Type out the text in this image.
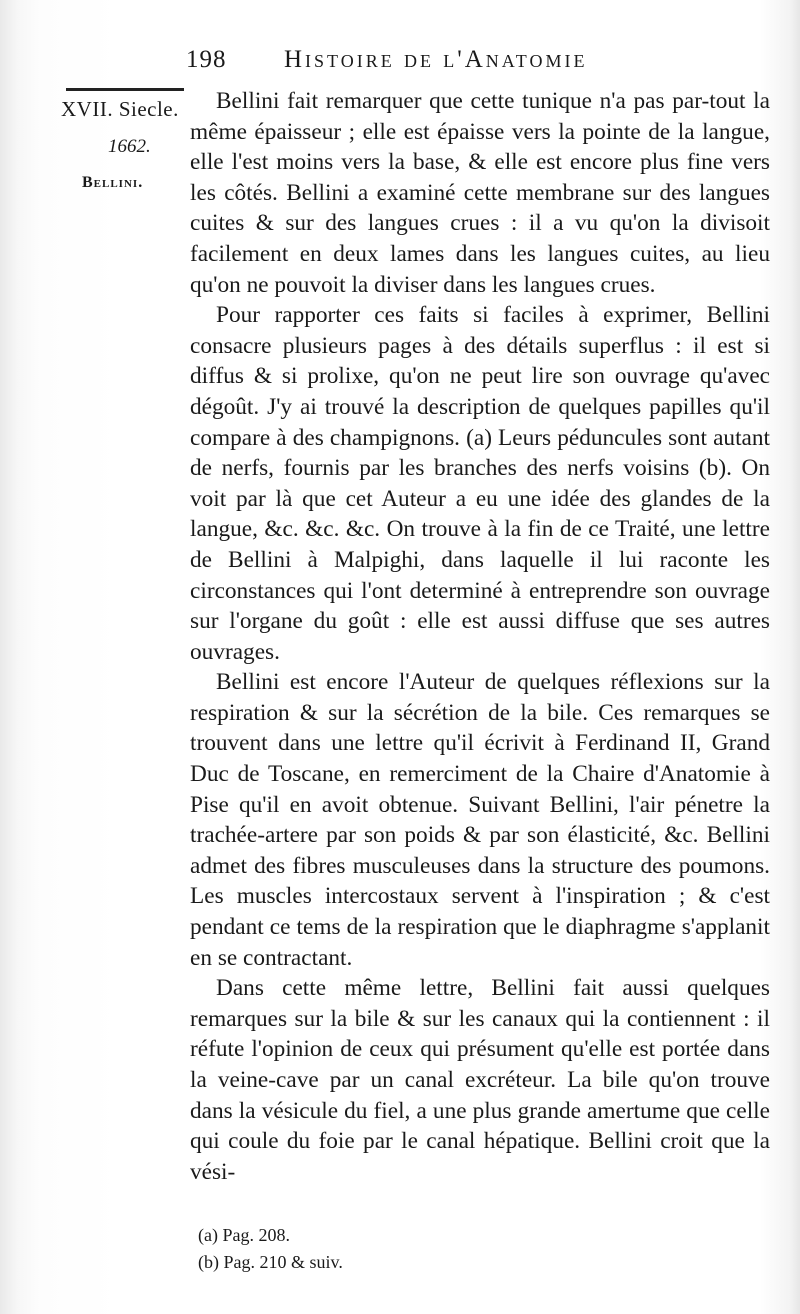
198 Histoire de l'Anatomie
XVII. Siecle.
1662.
Bellini.

Bellini fait remarquer que cette tunique n'a pas par-tout la même épaisseur ; elle est épaisse vers la pointe de la langue, elle l'est moins vers la base, & elle est encore plus fine vers les côtés. Bellini a examiné cette membrane sur des langues cuites & sur des langues crues : il a vu qu'on la divisoit facilement en deux lames dans les langues cuites, au lieu qu'on ne pouvoit la diviser dans les langues crues.

Pour rapporter ces faits si faciles à exprimer, Bellini consacre plusieurs pages à des détails superflus : il est si diffus & si prolixe, qu'on ne peut lire son ouvrage qu'avec dégoût. J'y ai trouvé la description de quelques papilles qu'il compare à des champignons. (a) Leurs péduncules sont autant de nerfs, fournis par les branches des nerfs voisins (b). On voit par là que cet Auteur a eu une idée des glandes de la langue, &c. &c. &c. On trouve à la fin de ce Traité, une lettre de Bellini à Malpighi, dans laquelle il lui raconte les circonstances qui l'ont determiné à entreprendre son ouvrage sur l'organe du goût : elle est aussi diffuse que ses autres ouvrages.

Bellini est encore l'Auteur de quelques réflexions sur la respiration & sur la sécrétion de la bile. Ces remarques se trouvent dans une lettre qu'il écrivit à Ferdinand II, Grand Duc de Toscane, en remerciment de la Chaire d'Anatomie à Pise qu'il en avoit obtenue. Suivant Bellini, l'air pénetre la trachée-artere par son poids & par son élasticité, &c. Bellini admet des fibres musculeuses dans la structure des poumons. Les muscles intercostaux servent à l'inspiration ; & c'est pendant ce tems de la respiration que le diaphragme s'applanit en se contractant.

Dans cette même lettre, Bellini fait aussi quelques remarques sur la bile & sur les canaux qui la contiennent : il réfute l'opinion de ceux qui présument qu'elle est portée dans la veine-cave par un canal excréteur. La bile qu'on trouve dans la vésicule du fiel, a une plus grande amertume que celle qui coule du foie par le canal hépatique. Bellini croit que la vési-

(a) Pag. 208.
(b) Pag. 210 & suiv.
